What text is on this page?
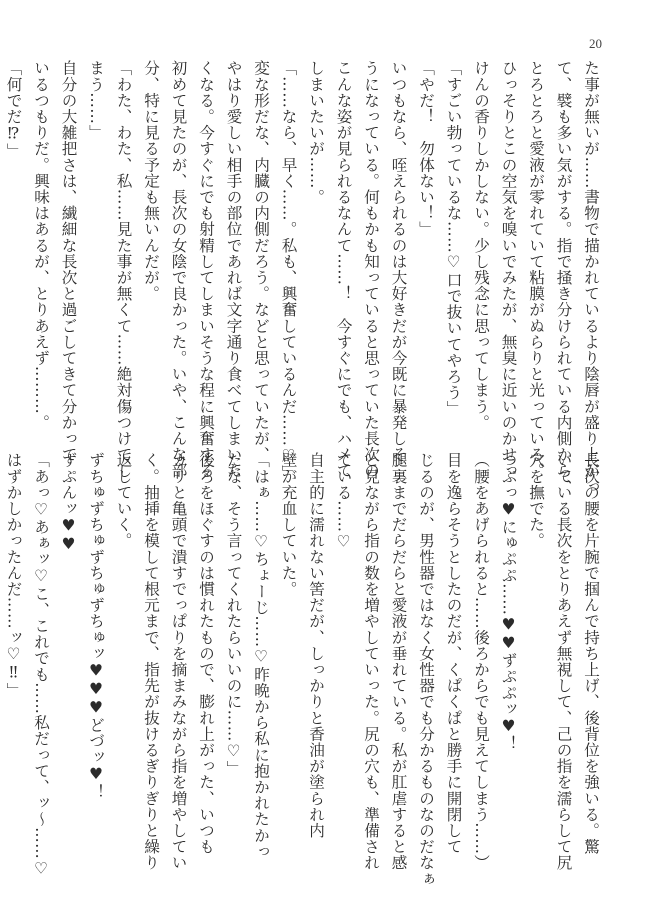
20
た事が無いが……書物で描かれているより陰唇が盛り上がっ
て、襞も多い気がする。指で掻き分けられている内側から、
とろとろと愛液が零れていて粘膜がぬらりと光っている。
ひっそりとこの空気を嗅いでみたが、無臭に近いのかせっ
けんの香りしかしない。少し残念に思ってしまう。
「すごい勃っているな……♡口で抜いてやろう」
「やだ！　勿体ない！」
いつもなら、咥えられるのは大好きだが今既に暴発しそ
うになっている。何もかも知っていると思っていた長次の
こんな姿が見られるなんて……！　今すぐにでも、ハメて
しまいたいが……。
「……なら、早く……。私も、興奮しているんだ……♡」
変な形だな、内臓の内側だろう。などと思っていたが、
やはり愛しい相手の部位であれば文字通り食べてしまいた
くなる。今すぐにでも射精してしまいそうな程に興奮する
初めて見たのが、長次の女陰で良かった。いや、こんな部
分、特に見る予定も無いんだが。
「わた、わた、私……見た事が無くて……絶対傷つけてし
まう……」
自分の大雑把さは、繊細な長次と過ごしてきて分かって
いるつもりだ。興味はあるが、とりあえず………。
「何でだ⁉」
長次の腰を片腕で掴んで持ち上げ、後背位を強いる。驚
いている長次をとりあえず無視して、己の指を濡らして尻
穴を撫でた。
つぷっ♥にゅぷぷ……♥♥ずぷぷッ♥！
（腰をあげられると……後ろからでも見えてしまう……）
目を逸らそうとしたのだが、くぱくぱと勝手に開閉して
じるのが、男性器ではなく女性器でも分かるものなのだなぁ
腿裏までだらだらと愛液が垂れている。私が肛虐すると感
と見ながら指の数を増やしていった。尻の穴も、準備され
ている……♡
自主的に濡れない筈だが、しっかりと香油が塗られ内
壁が充血していた。
「はぁ……♡ちょーじ……♡昨晩から私に抱かれたかっ
たな、そう言ってくれたらいいのに……♡」
後ろをほぐすのは慣れたもので、膨れ上がった、いつも
カリと亀頭で潰すでっぱりを摘まみながら指を増やしてい
く。抽挿を模して根元まで、指先が抜けるぎりぎりと繰り
返していく。
ずちゅずちゅずちゅずちゅッ♥♥♥どづッ♥！
ずぷんッ♥♥
「あっ♡あぁッ♡こ、これでも……私だって、ッ〜……♡
はずかしかったんだ……ッ♡‼」
